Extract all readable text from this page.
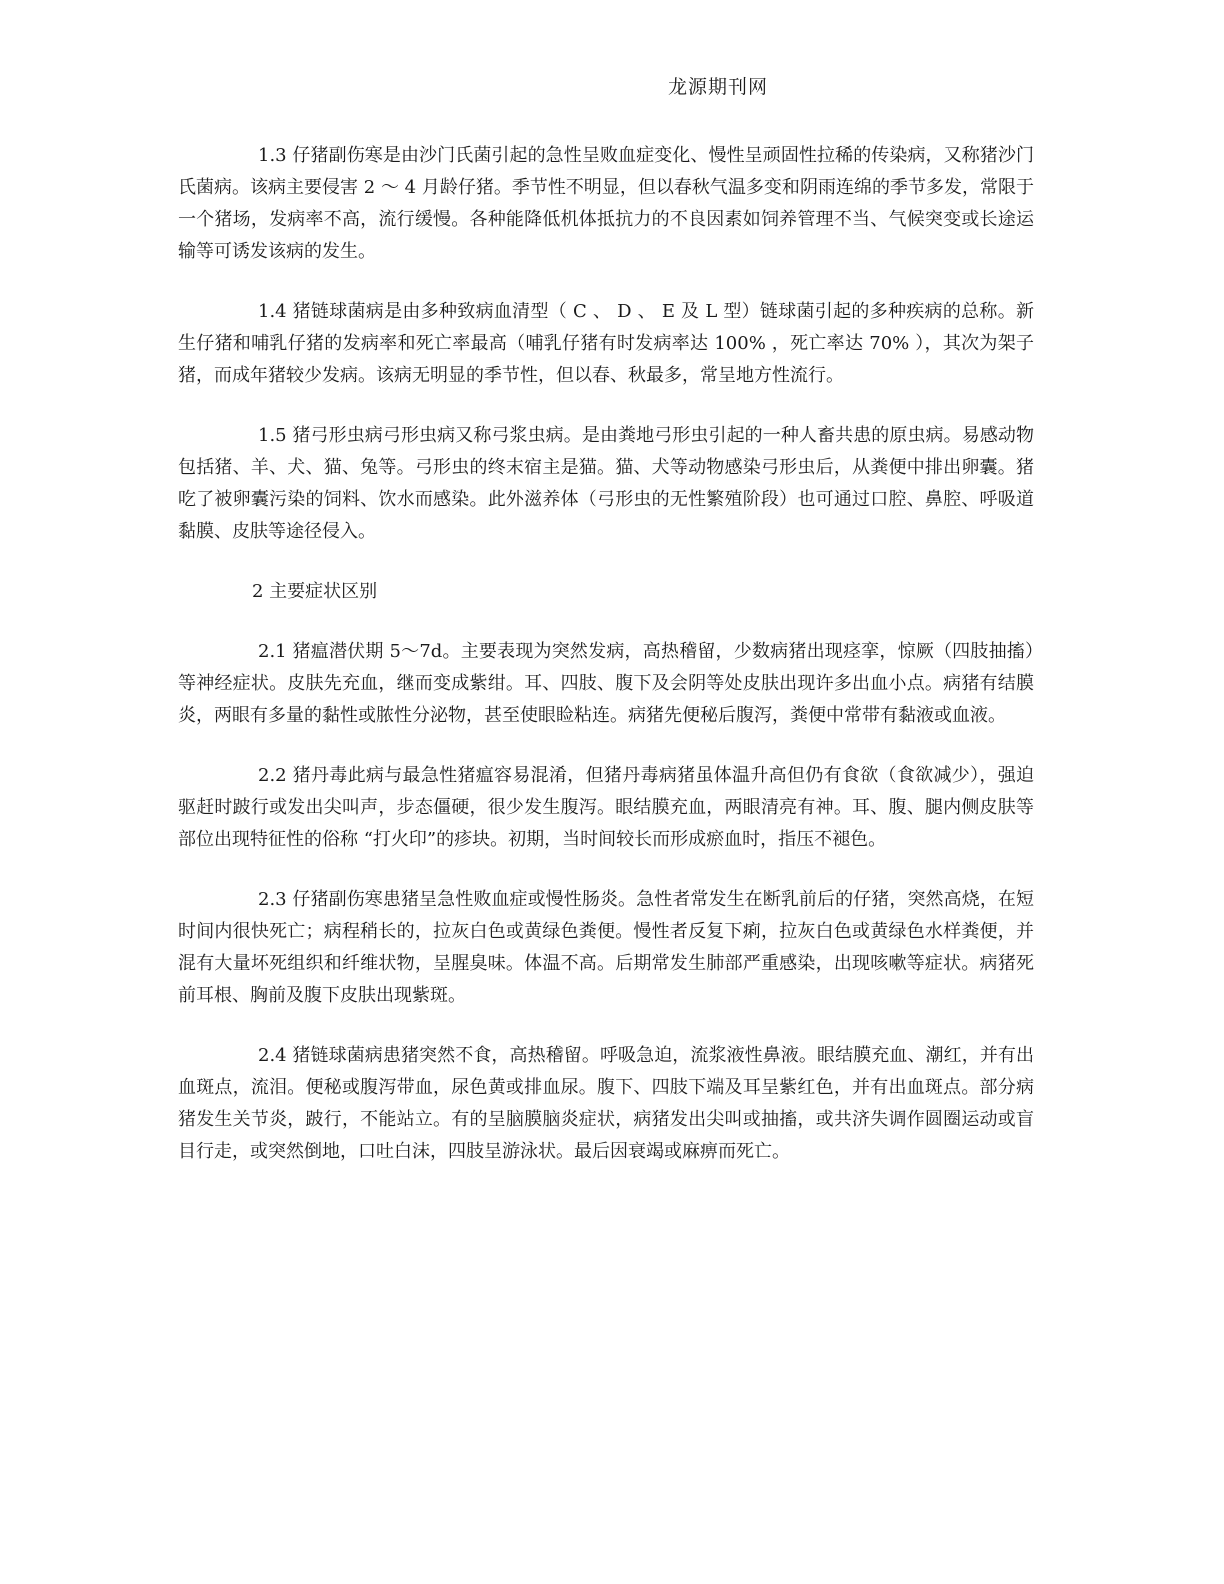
龙源期刊网

1.3 仔猪副伤寒是由沙门氏菌引起的急性呈败血症变化、慢性呈顽固性拉稀的传染病，又称猪沙门氏菌病。该病主要侵害 2 ～ 4 月龄仔猪。季节性不明显，但以春秋气温多变和阴雨连绵的季节多发，常限于一个猪场，发病率不高，流行缓慢。各种能降低机体抵抗力的不良因素如饲养管理不当、气候突变或长途运输等可诱发该病的发生。

1.4 猪链球菌病是由多种致病血清型（ C 、 D 、 E 及 L 型）链球菌引起的多种疾病的总称。新生仔猪和哺乳仔猪的发病率和死亡率最高（哺乳仔猪有时发病率达 100% ，死亡率达 70% ），其次为架子猪，而成年猪较少发病。该病无明显的季节性，但以春、秋最多，常呈地方性流行。

1.5 猪弓形虫病弓形虫病又称弓浆虫病。是由粪地弓形虫引起的一种人畜共患的原虫病。易感动物包括猪、羊、犬、猫、兔等。弓形虫的终末宿主是猫。猫、犬等动物感染弓形虫后，从粪便中排出卵囊。猪吃了被卵囊污染的饲料、饮水而感染。此外滋养体（弓形虫的无性繁殖阶段）也可通过口腔、鼻腔、呼吸道黏膜、皮肤等途径侵入。

2 主要症状区别

2.1 猪瘟潜伏期 5～7d。主要表现为突然发病，高热稽留，少数病猪出现痉挛，惊厥（四肢抽搐）等神经症状。皮肤先充血，继而变成紫绀。耳、四肢、腹下及会阴等处皮肤出现许多出血小点。病猪有结膜炎，两眼有多量的黏性或脓性分泌物，甚至使眼睑粘连。病猪先便秘后腹泻，粪便中常带有黏液或血液。

2.2 猪丹毒此病与最急性猪瘟容易混淆，但猪丹毒病猪虽体温升高但仍有食欲（食欲减少），强迫驱赶时跛行或发出尖叫声，步态僵硬，很少发生腹泻。眼结膜充血，两眼清亮有神。耳、腹、腿内侧皮肤等部位出现特征性的俗称 “打火印”的疹块。初期，当时间较长而形成瘀血时，指压不褪色。

2.3 仔猪副伤寒患猪呈急性败血症或慢性肠炎。急性者常发生在断乳前后的仔猪，突然高烧，在短时间内很快死亡；病程稍长的，拉灰白色或黄绿色粪便。慢性者反复下痢，拉灰白色或黄绿色水样粪便，并混有大量坏死组织和纤维状物，呈腥臭味。体温不高。后期常发生肺部严重感染，出现咳嗽等症状。病猪死前耳根、胸前及腹下皮肤出现紫斑。

2.4 猪链球菌病患猪突然不食，高热稽留。呼吸急迫，流浆液性鼻液。眼结膜充血、潮红，并有出血斑点，流泪。便秘或腹泻带血，尿色黄或排血尿。腹下、四肢下端及耳呈紫红色，并有出血斑点。部分病猪发生关节炎，跛行，不能站立。有的呈脑膜脑炎症状，病猪发出尖叫或抽搐，或共济失调作圆圈运动或盲目行走，或突然倒地，口吐白沫，四肢呈游泳状。最后因衰竭或麻痹而死亡。
